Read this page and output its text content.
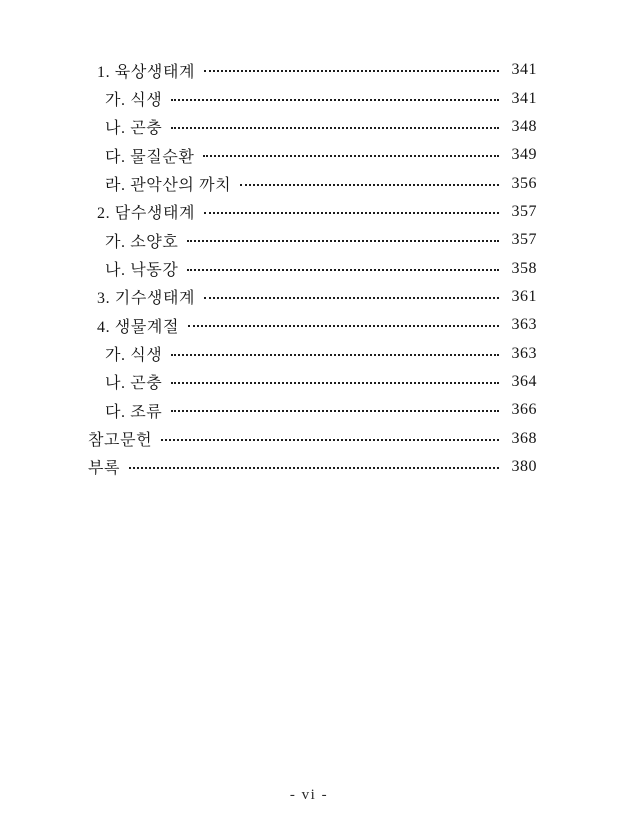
1. 육상생태계	341
가. 식생	341
나. 곤충	348
다. 물질순환	349
라. 관악산의 까치	356
2. 담수생태계	357
가. 소양호	357
나. 낙동강	358
3. 기수생태계	361
4. 생물계절	363
가. 식생	363
나. 곤충	364
다. 조류	366
참고문헌	368
부록	380
- vi -
